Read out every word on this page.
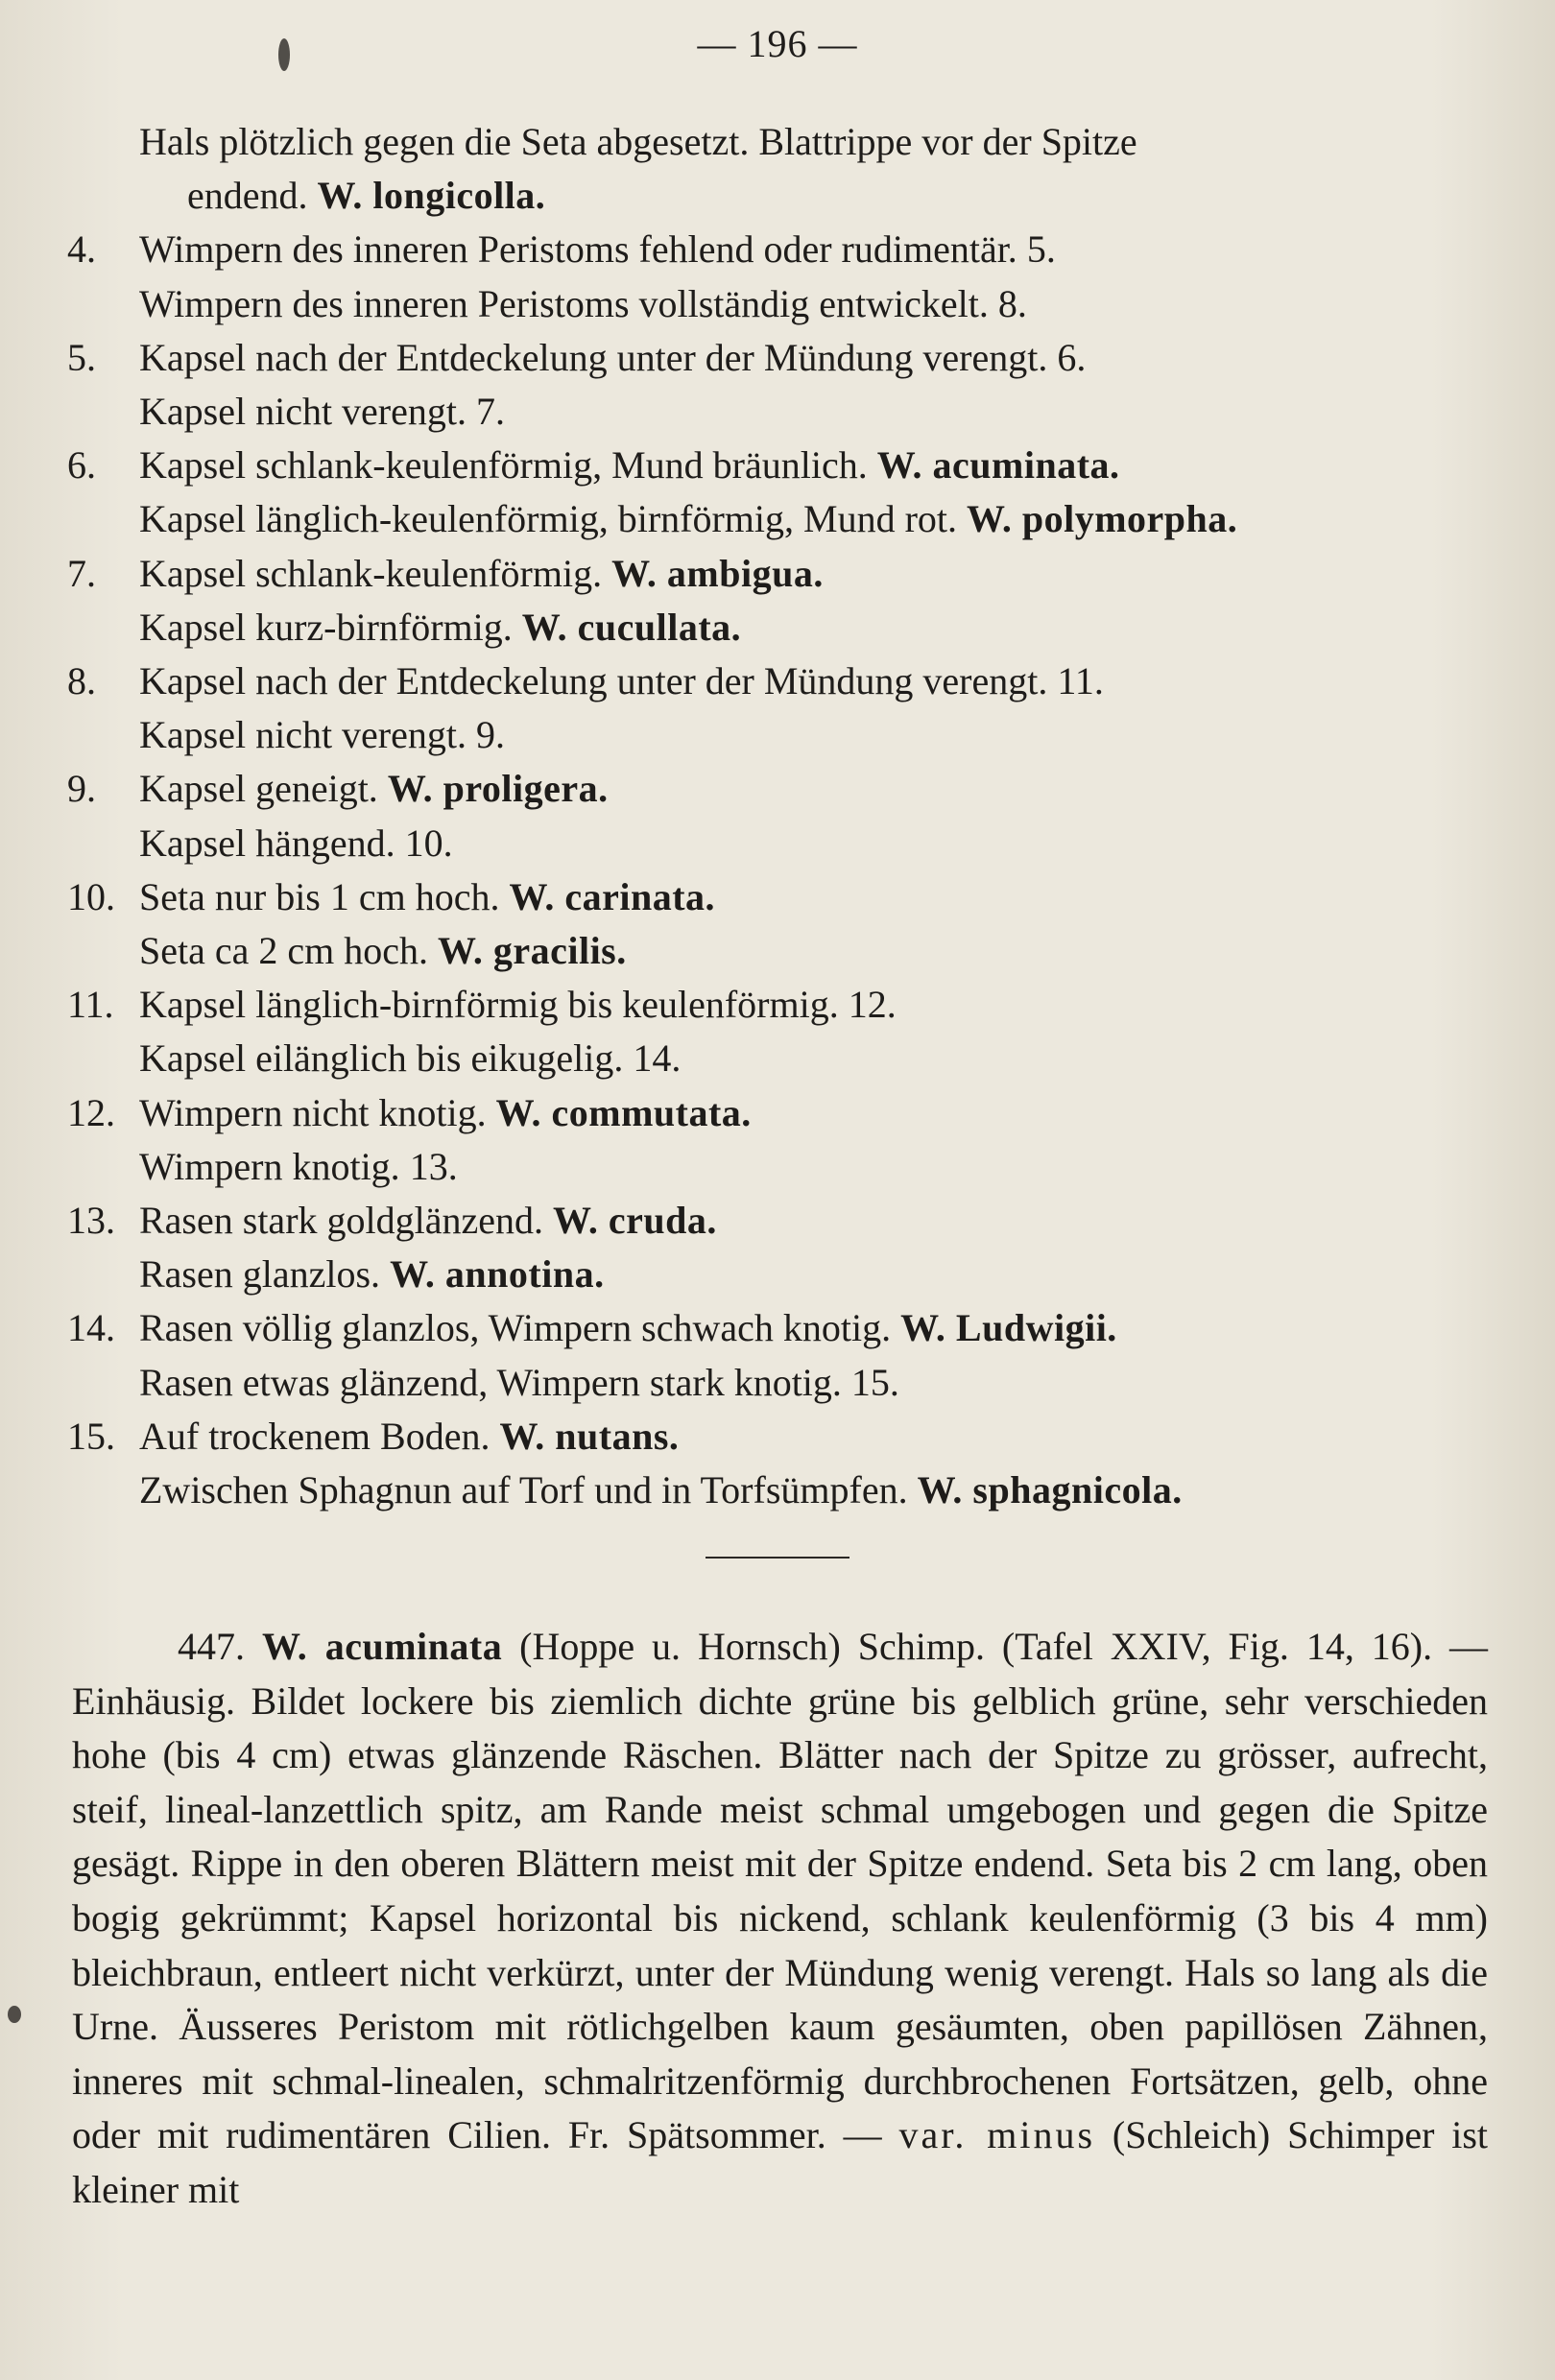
— 196 —
Hals plötzlich gegen die Seta abgesetzt. Blattrippe vor der Spitze
endend. W. longicolla.
4.	Wimpern des inneren Peristoms fehlend oder rudimentär. 5.
Wimpern des inneren Peristoms vollständig entwickelt. 8.
5.	Kapsel nach der Entdeckelung unter der Mündung verengt. 6.
Kapsel nicht verengt. 7.
6.	Kapsel schlank-keulenförmig, Mund bräunlich. W. acuminata.
Kapsel länglich-keulenförmig, birnförmig, Mund rot. W. polymorpha.
7.	Kapsel schlank-keulenförmig. W. ambigua.
Kapsel kurz-birnförmig. W. cucullata.
8.	Kapsel nach der Entdeckelung unter der Mündung verengt. 11.
Kapsel nicht verengt. 9.
9.	Kapsel geneigt. W. proligera.
Kapsel hängend. 10.
10. Seta nur bis 1 cm hoch. W. carinata.
Seta ca 2 cm hoch. W. gracilis.
11. Kapsel länglich-birnförmig bis keulenförmig. 12.
Kapsel eilänglich bis eikugelig. 14.
12. Wimpern nicht knotig. W. commutata.
Wimpern knotig. 13.
13. Rasen stark goldglänzend. W. cruda.
Rasen glanzlos. W. annotina.
14. Rasen völlig glanzlos, Wimpern schwach knotig. W. Ludwigii.
Rasen etwas glänzend, Wimpern stark knotig. 15.
15. Auf trockenem Boden. W. nutans.
Zwischen Sphagnun auf Torf und in Torfsümpfen. W. sphagnicola.

447. W. acuminata (Hoppe u. Hornsch) Schimp. (Tafel XXIV, Fig. 14, 16). — Einhäusig. Bildet lockere bis ziemlich dichte grüne bis gelblich grüne, sehr verschieden hohe (bis 4 cm) etwas glänzende Räschen. Blätter nach der Spitze zu grösser, aufrecht, steif, lineal-lanzettlich spitz, am Rande meist schmal umgebogen und gegen die Spitze gesägt. Rippe in den oberen Blättern meist mit der Spitze endend. Seta bis 2 cm lang, oben bogig gekrümmt; Kapsel horizontal bis nickend, schlank keulenförmig (3 bis 4 mm) bleichbraun, entleert nicht verkürzt, unter der Mündung wenig verengt. Hals so lang als die Urne. Äusseres Peristom mit rötlichgelben kaum gesäumten, oben papillösen Zähnen, inneres mit schmal-linealen, schmalritzenförmig durchbrochenen Fortsätzen, gelb, ohne oder mit rudimentären Cilien. Fr. Spätsommer. — var. minus (Schleich) Schimper ist kleiner mit
